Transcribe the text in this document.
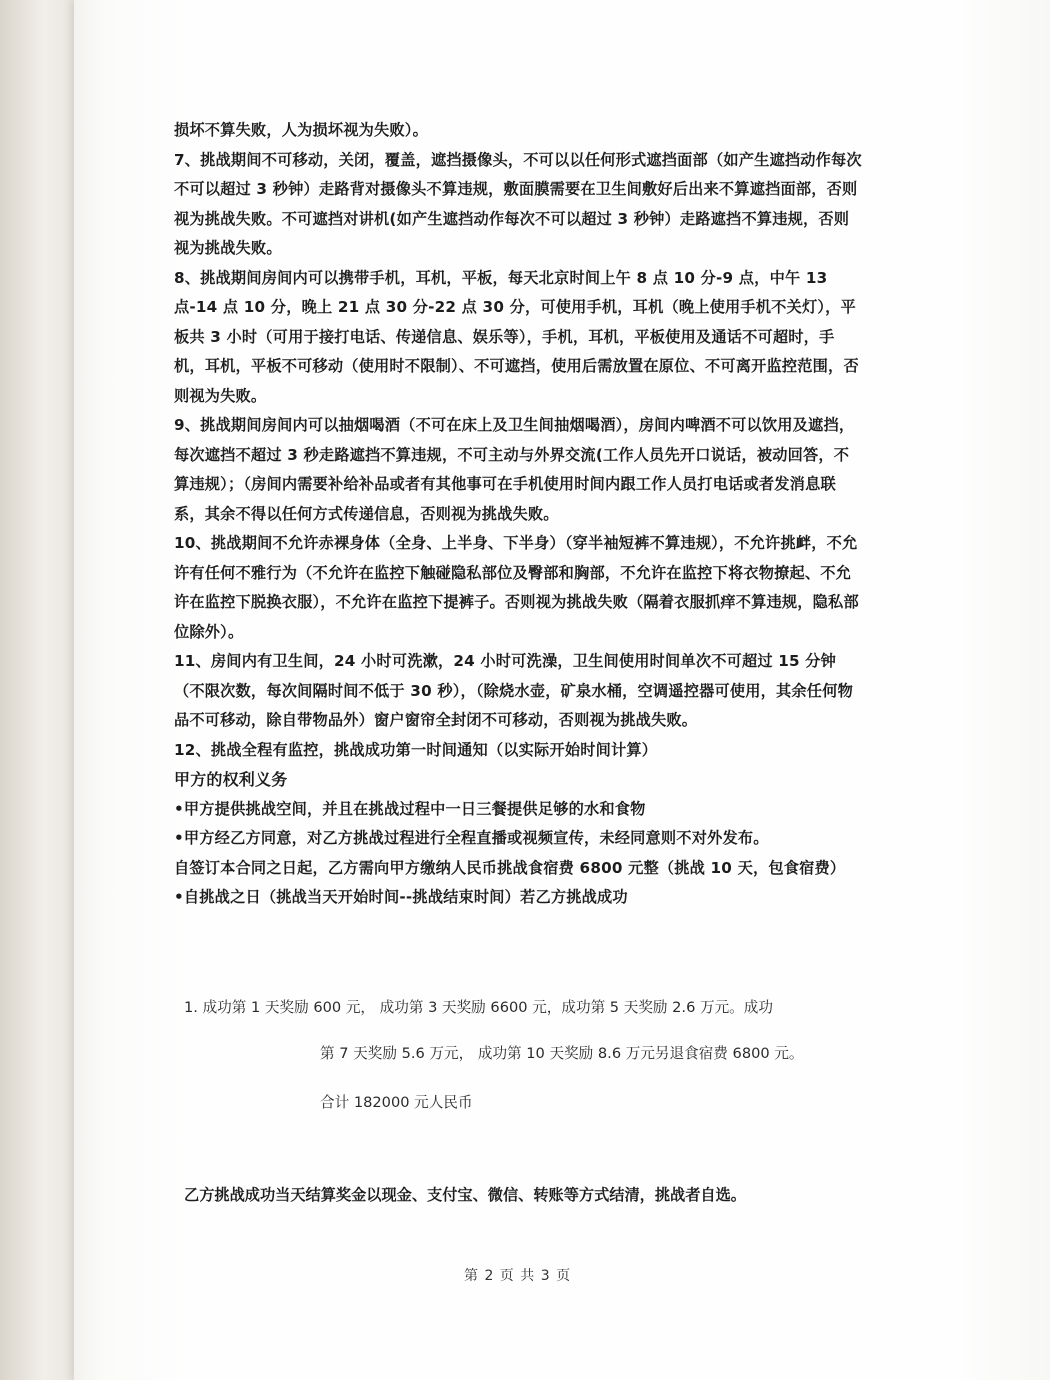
损坏不算失败，人为损坏视为失败）。

7、挑战期间不可移动，关闭，覆盖，遮挡摄像头，不可以以任何形式遮挡面部（如产生遮挡动作每次不可以超过 3 秒钟）走路背对摄像头不算违规，敷面膜需要在卫生间敷好后出来不算遮挡面部，否则视为挑战失败。不可遮挡对讲机(如产生遮挡动作每次不可以超过 3 秒钟）走路遮挡不算违规，否则视为挑战失败。

8、挑战期间房间内可以携带手机，耳机，平板，每天北京时间上午 8 点 10 分-9 点，中午 13 点-14 点 10 分，晚上 21 点 30 分-22 点 30 分，可使用手机，耳机（晚上使用手机不关灯），平板共 3 小时（可用于接打电话、传递信息、娱乐等），手机，耳机，平板使用及通话不可超时，手机，耳机，平板不可移动（使用时不限制）、不可遮挡，使用后需放置在原位、不可离开监控范围，否则视为失败。

9、挑战期间房间内可以抽烟喝酒（不可在床上及卫生间抽烟喝酒），房间内啤酒不可以饮用及遮挡，每次遮挡不超过 3 秒走路遮挡不算违规，不可主动与外界交流(工作人员先开口说话，被动回答，不算违规）；（房间内需要补给补品或者有其他事可在手机使用时间内跟工作人员打电话或者发消息联系，其余不得以任何方式传递信息，否则视为挑战失败。

10、挑战期间不允许赤裸身体（全身、上半身、下半身）（穿半袖短裤不算违规），不允许挑衅，不允许有任何不雅行为（不允许在监控下触碰隐私部位及臀部和胸部，不允许在监控下将衣物撩起、不允许在监控下脱换衣服），不允许在监控下提裤子。否则视为挑战失败（隔着衣服抓痒不算违规，隐私部位除外）。

11、房间内有卫生间，24 小时可洗漱，24 小时可洗澡，卫生间使用时间单次不可超过 15 分钟（不限次数，每次间隔时间不低于 30 秒），（除烧水壶，矿泉水桶，空调遥控器可使用，其余任何物品不可移动，除自带物品外）窗户窗帘全封闭不可移动，否则视为挑战失败。

12、挑战全程有监控，挑战成功第一时间通知（以实际开始时间计算）

甲方的权利义务

•甲方提供挑战空间，并且在挑战过程中一日三餐提供足够的水和食物

•甲方经乙方同意，对乙方挑战过程进行全程直播或视频宣传，未经同意则不对外发布。

自签订本合同之日起，乙方需向甲方缴纳人民币挑战食宿费 6800 元整（挑战 10 天，包食宿费）

•自挑战之日（挑战当天开始时间--挑战结束时间）若乙方挑战成功

1. 成功第 1 天奖励 600 元， 成功第 3 天奖励 6600 元，成功第 5 天奖励 2.6 万元。成功
第 7 天奖励 5.6 万元， 成功第 10 天奖励 8.6 万元另退食宿费 6800 元。
合计 182000 元人民币
乙方挑战成功当天结算奖金以现金、支付宝、微信、转账等方式结清，挑战者自选。
第 2 页 共 3 页
